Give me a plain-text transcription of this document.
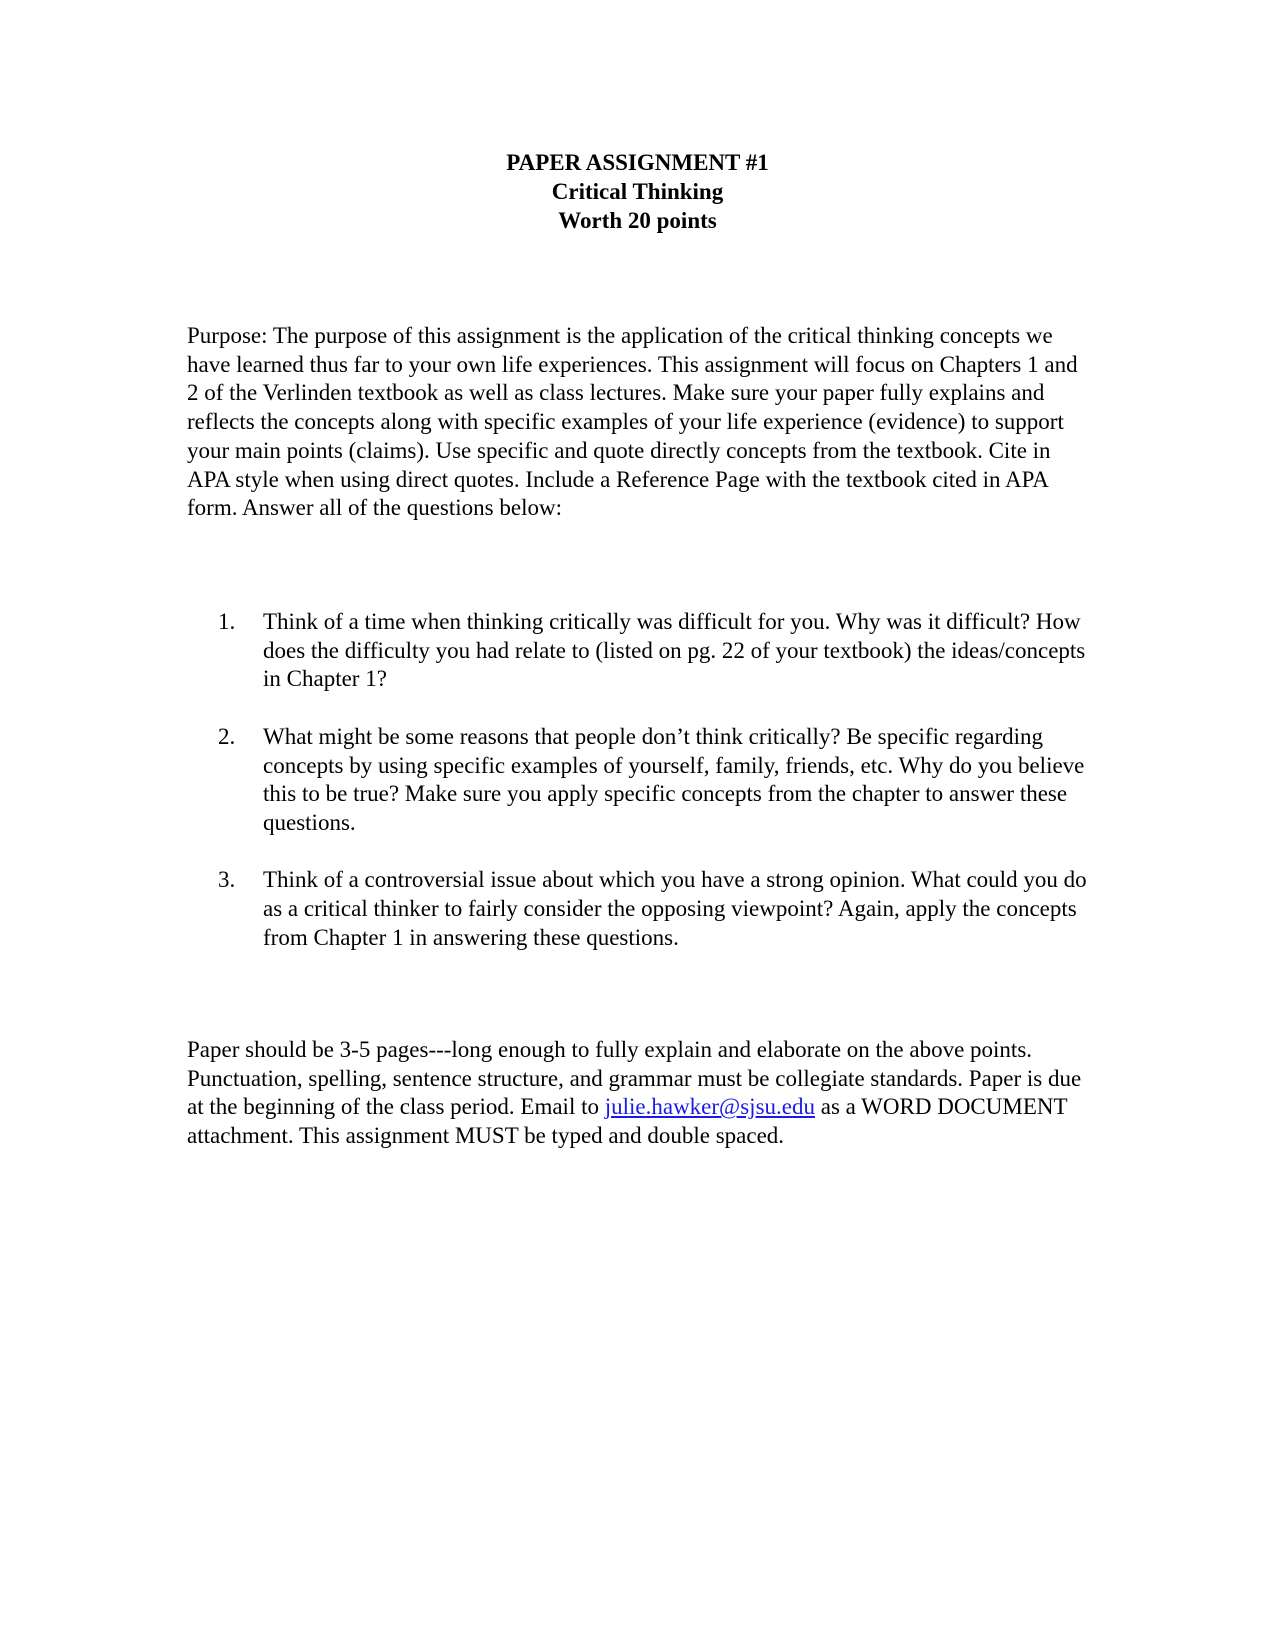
PAPER ASSIGNMENT #1
Critical Thinking
Worth 20 points
Purpose: The purpose of this assignment is the application of the critical thinking concepts we have learned thus far to your own life experiences. This assignment will focus on Chapters 1 and 2 of the Verlinden textbook as well as class lectures. Make sure your paper fully explains and reflects the concepts along with specific examples of your life experience (evidence) to support your main points (claims). Use specific and quote directly concepts from the textbook. Cite in APA style when using direct quotes. Include a Reference Page with the textbook cited in APA form. Answer all of the questions below:
1. Think of a time when thinking critically was difficult for you. Why was it difficult? How does the difficulty you had relate to (listed on pg. 22 of your textbook) the ideas/concepts in Chapter 1?
2. What might be some reasons that people don’t think critically? Be specific regarding concepts by using specific examples of yourself, family, friends, etc. Why do you believe this to be true? Make sure you apply specific concepts from the chapter to answer these questions.
3. Think of a controversial issue about which you have a strong opinion. What could you do as a critical thinker to fairly consider the opposing viewpoint? Again, apply the concepts from Chapter 1 in answering these questions.
Paper should be 3-5 pages---long enough to fully explain and elaborate on the above points. Punctuation, spelling, sentence structure, and grammar must be collegiate standards. Paper is due at the beginning of the class period. Email to julie.hawker@sjsu.edu as a WORD DOCUMENT attachment. This assignment MUST be typed and double spaced.
